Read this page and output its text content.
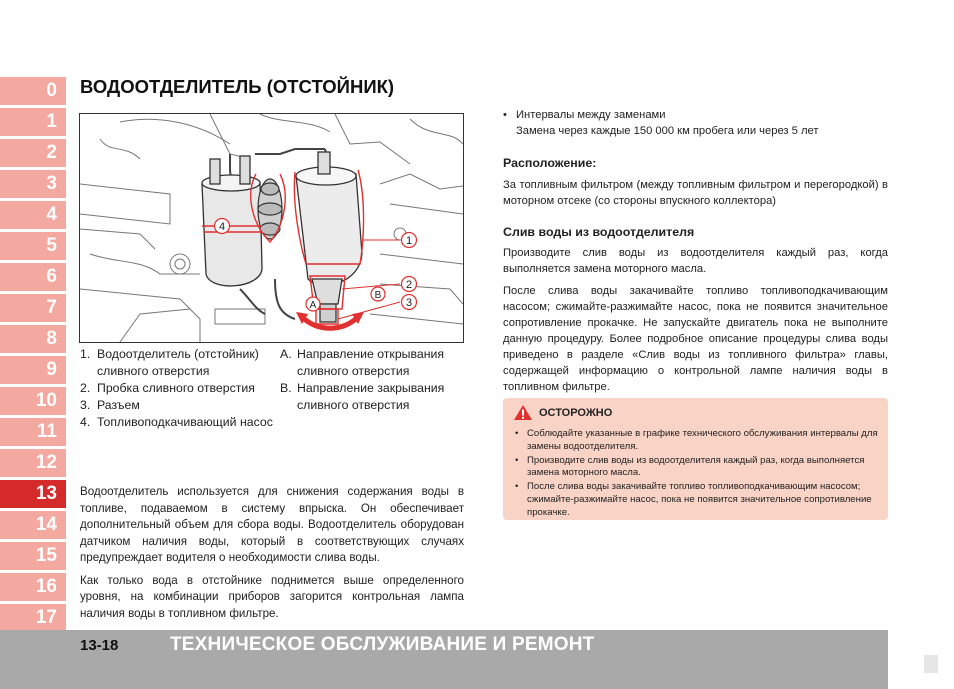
0
1
2
3
4
5
6
7
8
9
10
11
12
13
14
15
16
17
ВОДООТДЕЛИТЕЛЬ (ОТСТОЙНИК)
4
1
2
3
A
B
1. Водоотделитель (отстойник) сливного отверстия
2. Пробка сливного отверстия
3. Разъем
4. Топливоподкачивающий насос
A. Направление открывания сливного отверстия
B. Направление закрывания сливного отверстия

Водоотделитель используется для снижения содержания воды в топливе, подаваемом в систему впрыска. Он обеспечивает дополнительный объем для сбора воды. Водоотделитель оборудован датчиком наличия воды, который в соответствующих случаях предупреждает водителя о необходимости слива воды.

Как только вода в отстойнике поднимется выше определенного уровня, на комбинации приборов загорится контрольная лампа наличия воды в топливном фильтре.

• Интервалы между заменами
Замена через каждые 150 000 км пробега или через 5 лет

Расположение:

За топливным фильтром (между топливным фильтром и перегородкой) в моторном отсеке (со стороны впускного коллектора)

Слив воды из водоотделителя

Производите слив воды из водоотделителя каждый раз, когда выполняется замена моторного масла.

После слива воды закачивайте топливо топливоподкачивающим насосом; сжимайте-разжимайте насос, пока не появится значительное сопротивление прокачке. Не запускайте двигатель пока не выполните данную процедуру. Более подробное описание процедуры слива воды приведено в разделе «Слив воды из топливного фильтра» главы, содержащей информацию о контрольной лампе наличия воды в топливном фильтре.

ОСТОРОЖНО
• Соблюдайте указанные в графике технического обслуживания интервалы для замены водоотделителя.
• Производите слив воды из водоотделителя каждый раз, когда выполняется замена моторного масла.
• После слива воды закачивайте топливо топливоподкачивающим насосом; сжимайте-разжимайте насос, пока не появится значительное сопротивление прокачке.
13-18	ТЕХНИЧЕСКОЕ ОБСЛУЖИВАНИЕ И РЕМОНТ
